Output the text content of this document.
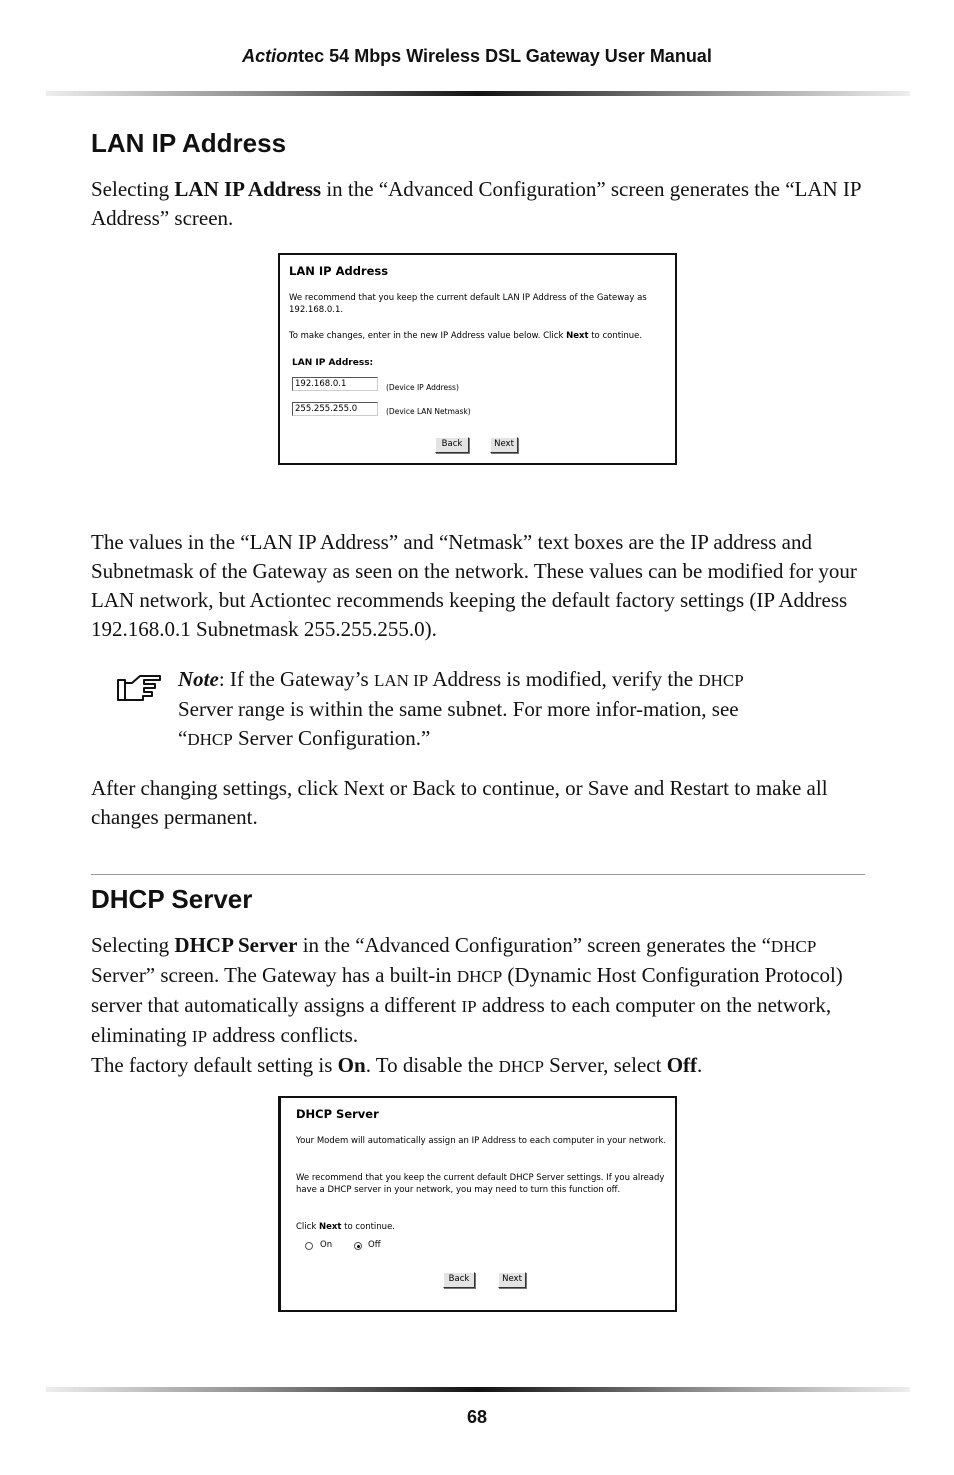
Actiontec 54 Mbps Wireless DSL Gateway User Manual
LAN IP Address

Selecting LAN IP Address in the “Advanced Configuration” screen generates the “LAN IP Address” screen.

LAN IP Address
We recommend that you keep the current default LAN IP Address of the Gateway as 192.168.0.1.
To make changes, enter in the new IP Address value below. Click Next to continue.
LAN IP Address:
192.168.0.1	(Device IP Address)
255.255.255.0	(Device LAN Netmask)
Back	Next

The values in the “LAN IP Address” and “Netmask” text boxes are the IP address and Subnetmask of the Gateway as seen on the network. These values can be modified for your LAN network, but Actiontec recommends keeping the default factory settings (IP Address 192.168.0.1 Subnetmask 255.255.255.0).

Note: If the Gateway’s LAN IP Address is modified, verify the DHCP Server range is within the same subnet. For more infor-mation, see “DHCP Server Configuration.”

After changing settings, click Next or Back to continue, or Save and Restart to make all changes permanent.

DHCP Server

Selecting DHCP Server in the “Advanced Configuration” screen generates the “DHCP Server” screen. The Gateway has a built-in DHCP (Dynamic Host Configuration Protocol) server that automatically assigns a different IP address to each computer on the network, eliminating IP address conflicts.
The factory default setting is On. To disable the DHCP Server, select Off.

DHCP Server
Your Modem will automatically assign an IP Address to each computer in your network.
We recommend that you keep the current default DHCP Server settings. If you already have a DHCP server in your network, you may need to turn this function off.
Click Next to continue.
On	Off
Back	Next
68
